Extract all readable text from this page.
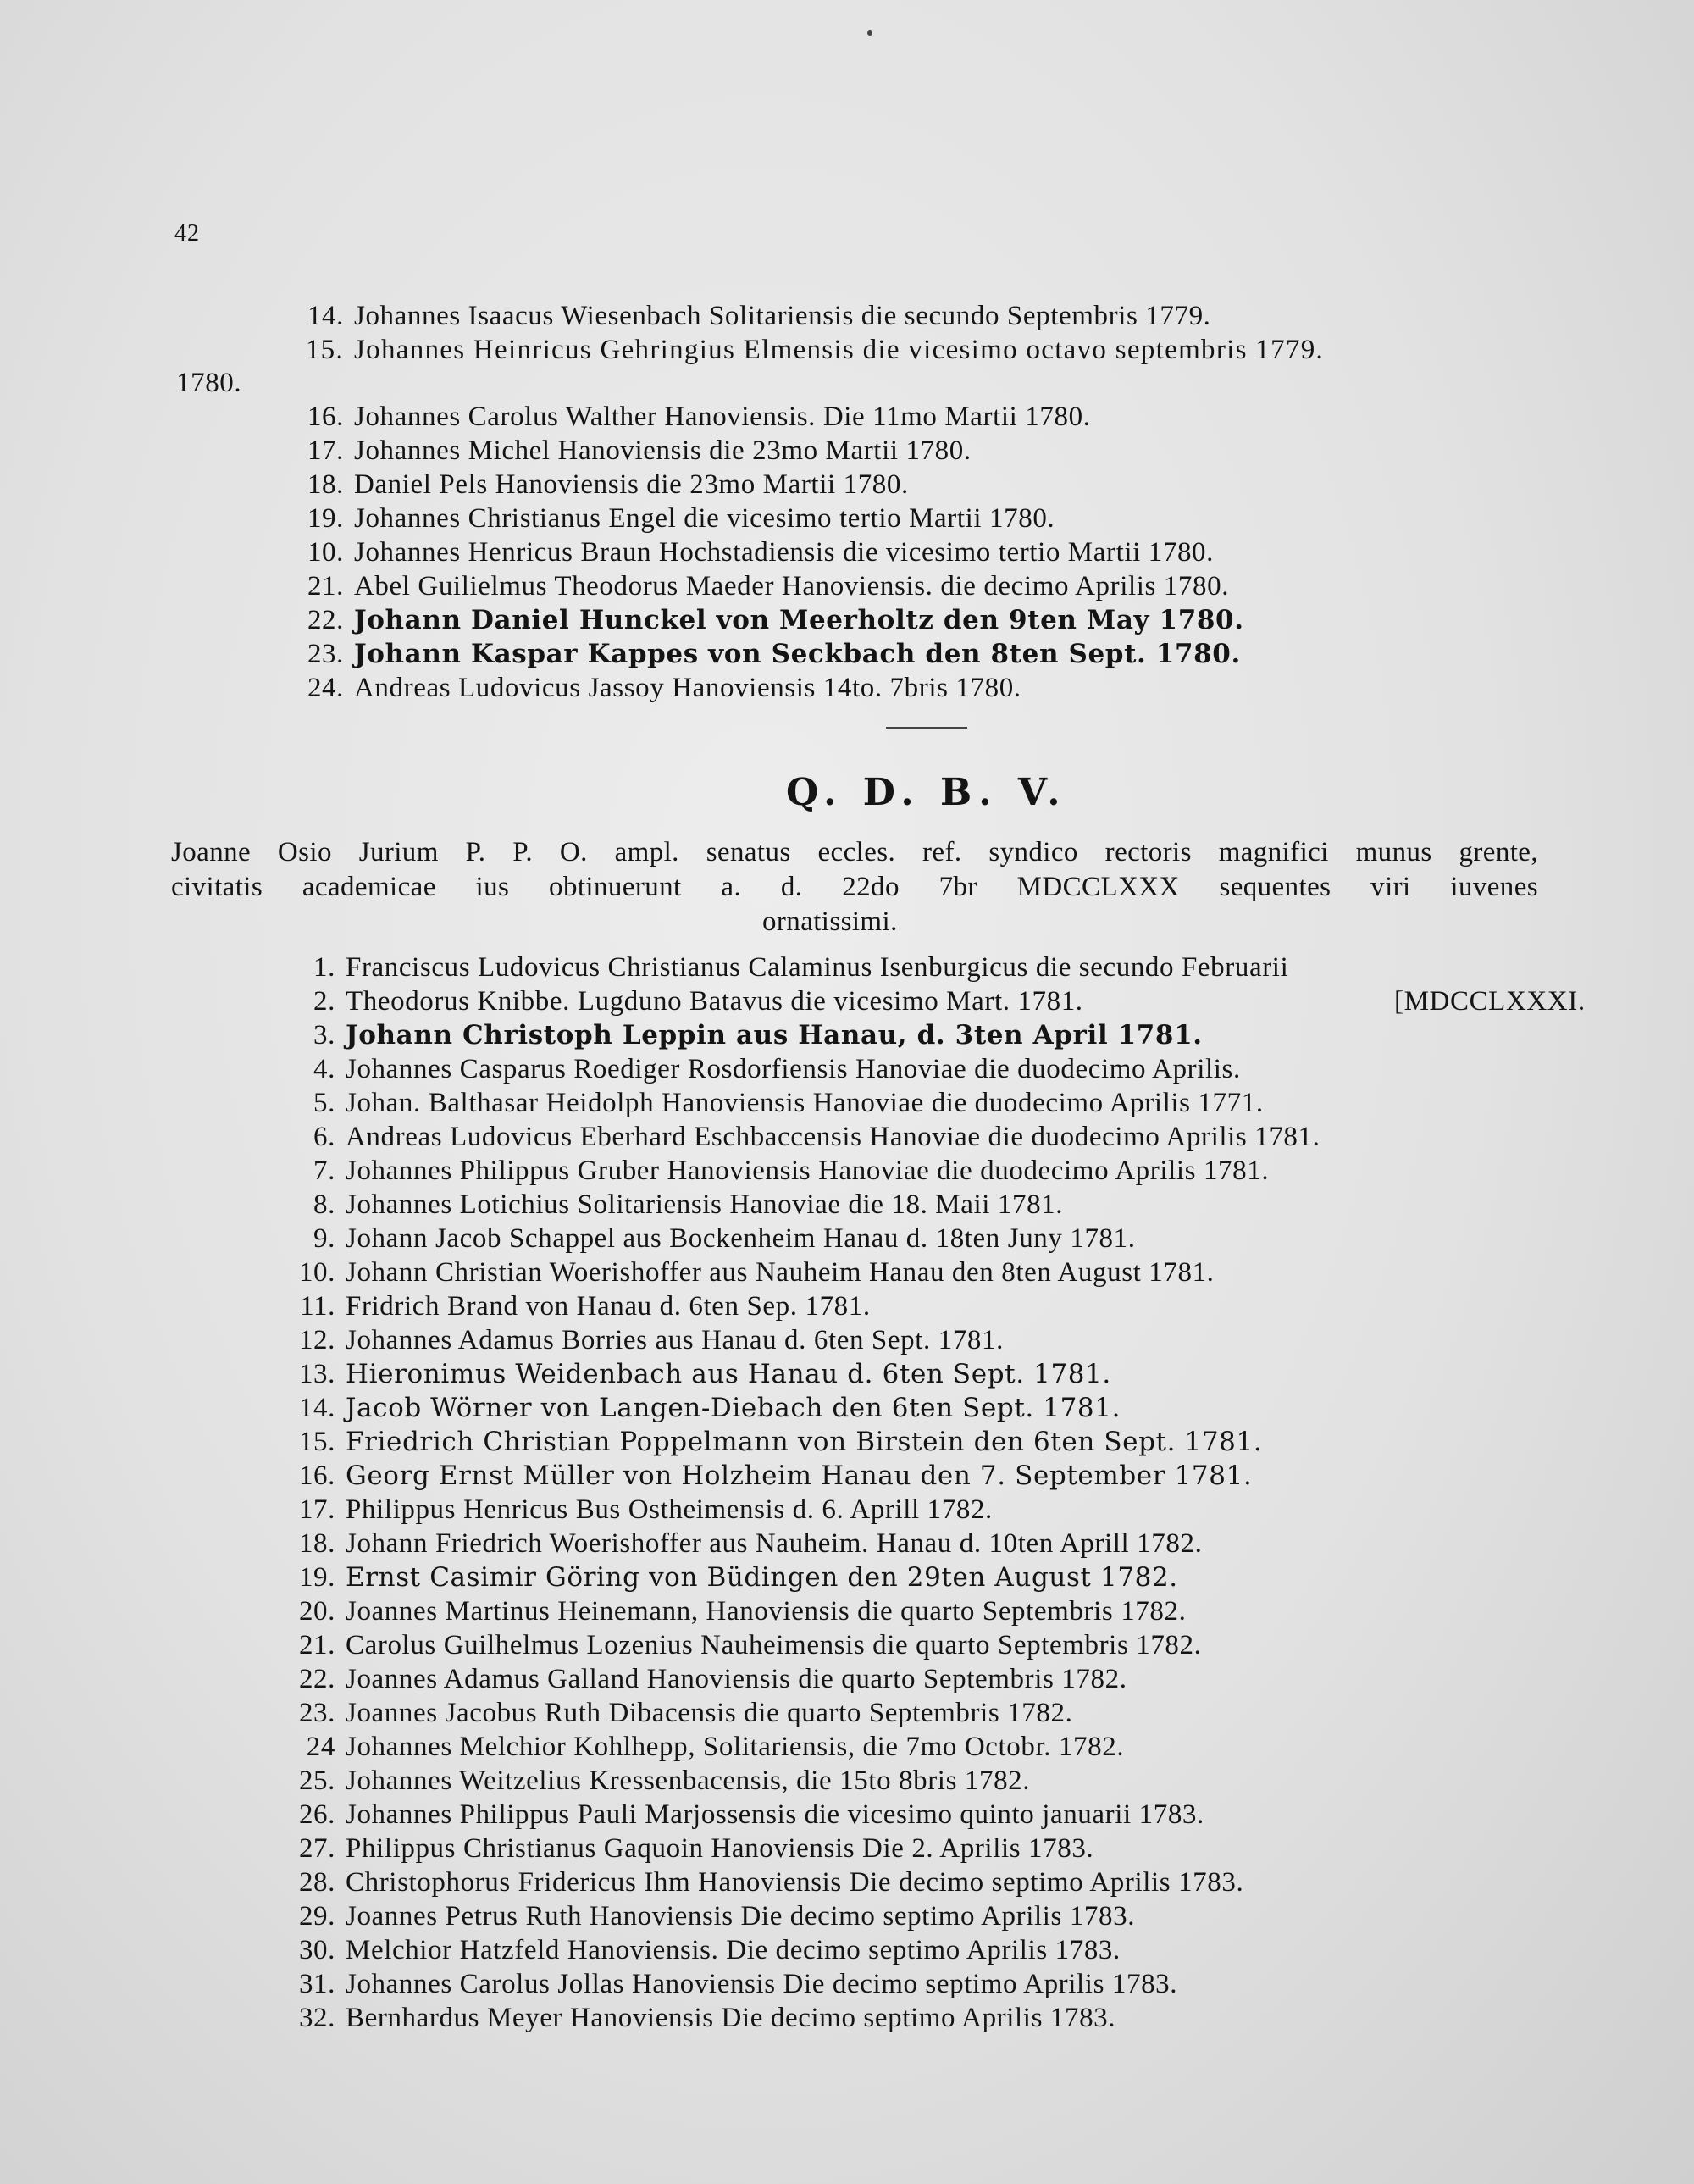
42
14. Johannes Isaacus Wiesenbach Solitariensis die secundo Septembris 1779.
15. Johannes Heinricus Gehringius Elmensis die vicesimo octavo septembris 1779.
1780.
16. Johannes Carolus Walther Hanoviensis. Die 11mo Martii 1780.
17. Johannes Michel Hanoviensis die 23mo Martii 1780.
18. Daniel Pels Hanoviensis die 23mo Martii 1780.
19. Johannes Christianus Engel die vicesimo tertio Martii 1780.
10. Johannes Henricus Braun Hochstadiensis die vicesimo tertio Martii 1780.
21. Abel Guilielmus Theodorus Maeder Hanoviensis. die decimo Aprilis 1780.
22. Johann Daniel Hunckel von Meerholtz den 9ten May 1780.
23. Johann Kaspar Kappes von Seckbach den 8ten Sept. 1780.
24. Andreas Ludovicus Jassoy Hanoviensis 14to. 7bris 1780.
Q. D. B. V.
Joanne Osio Jurium P. P. O. ampl. senatus eccles. ref. syndico rectoris magnifici munus grente,
civitatis academicae ius obtinuerunt a. d. 22do 7br MDCCLXXX sequentes viri iuvenes
ornatissimi.
1. Franciscus Ludovicus Christianus Calaminus Isenburgicus die secundo Februarii
2. Theodorus Knibbe. Lugduno Batavus die vicesimo Mart. 1781.	[MDCCLXXXI.
3. Johann Christoph Leppin aus Hanau, d. 3ten April 1781.
4. Johannes Casparus Roediger Rosdorfiensis Hanoviae die duodecimo Aprilis.
5. Johan. Balthasar Heidolph Hanoviensis Hanoviae die duodecimo Aprilis 1771.
6. Andreas Ludovicus Eberhard Eschbaccensis Hanoviae die duodecimo Aprilis 1781.
7. Johannes Philippus Gruber Hanoviensis Hanoviae die duodecimo Aprilis 1781.
8. Johannes Lotichius Solitariensis Hanoviae die 18. Maii 1781.
9. Johann Jacob Schappel aus Bockenheim Hanau d. 18ten Juny 1781.
10. Johann Christian Woerishoffer aus Nauheim Hanau den 8ten August 1781.
11. Fridrich Brand von Hanau d. 6ten Sep. 1781.
12. Johannes Adamus Borries aus Hanau d. 6ten Sept. 1781.
13. Hieronimus Weidenbach aus Hanau d. 6ten Sept. 1781.
14. Jacob Wörner von Langen-Diebach den 6ten Sept. 1781.
15. Friedrich Christian Poppelmann von Birstein den 6ten Sept. 1781.
16. Georg Ernst Müller von Holzheim Hanau den 7. September 1781.
17. Philippus Henricus Bus Ostheimensis d. 6. Aprill 1782.
18. Johann Friedrich Woerishoffer aus Nauheim. Hanau d. 10ten Aprill 1782.
19. Ernst Casimir Göring von Büdingen den 29ten August 1782.
20. Joannes Martinus Heinemann, Hanoviensis die quarto Septembris 1782.
21. Carolus Guilhelmus Lozenius Nauheimensis die quarto Septembris 1782.
22. Joannes Adamus Galland Hanoviensis die quarto Septembris 1782.
23. Joannes Jacobus Ruth Dibacensis die quarto Septembris 1782.
24 Johannes Melchior Kohlhepp, Solitariensis, die 7mo Octobr. 1782.
25. Johannes Weitzelius Kressenbacensis, die 15to 8bris 1782.
26. Johannes Philippus Pauli Marjossensis die vicesimo quinto januarii 1783.
27. Philippus Christianus Gaquoin Hanoviensis Die 2. Aprilis 1783.
28. Christophorus Fridericus Ihm Hanoviensis Die decimo septimo Aprilis 1783.
29. Joannes Petrus Ruth Hanoviensis Die decimo septimo Aprilis 1783.
30. Melchior Hatzfeld Hanoviensis. Die decimo septimo Aprilis 1783.
31. Johannes Carolus Jollas Hanoviensis Die decimo septimo Aprilis 1783.
32. Bernhardus Meyer Hanoviensis Die decimo septimo Aprilis 1783.
